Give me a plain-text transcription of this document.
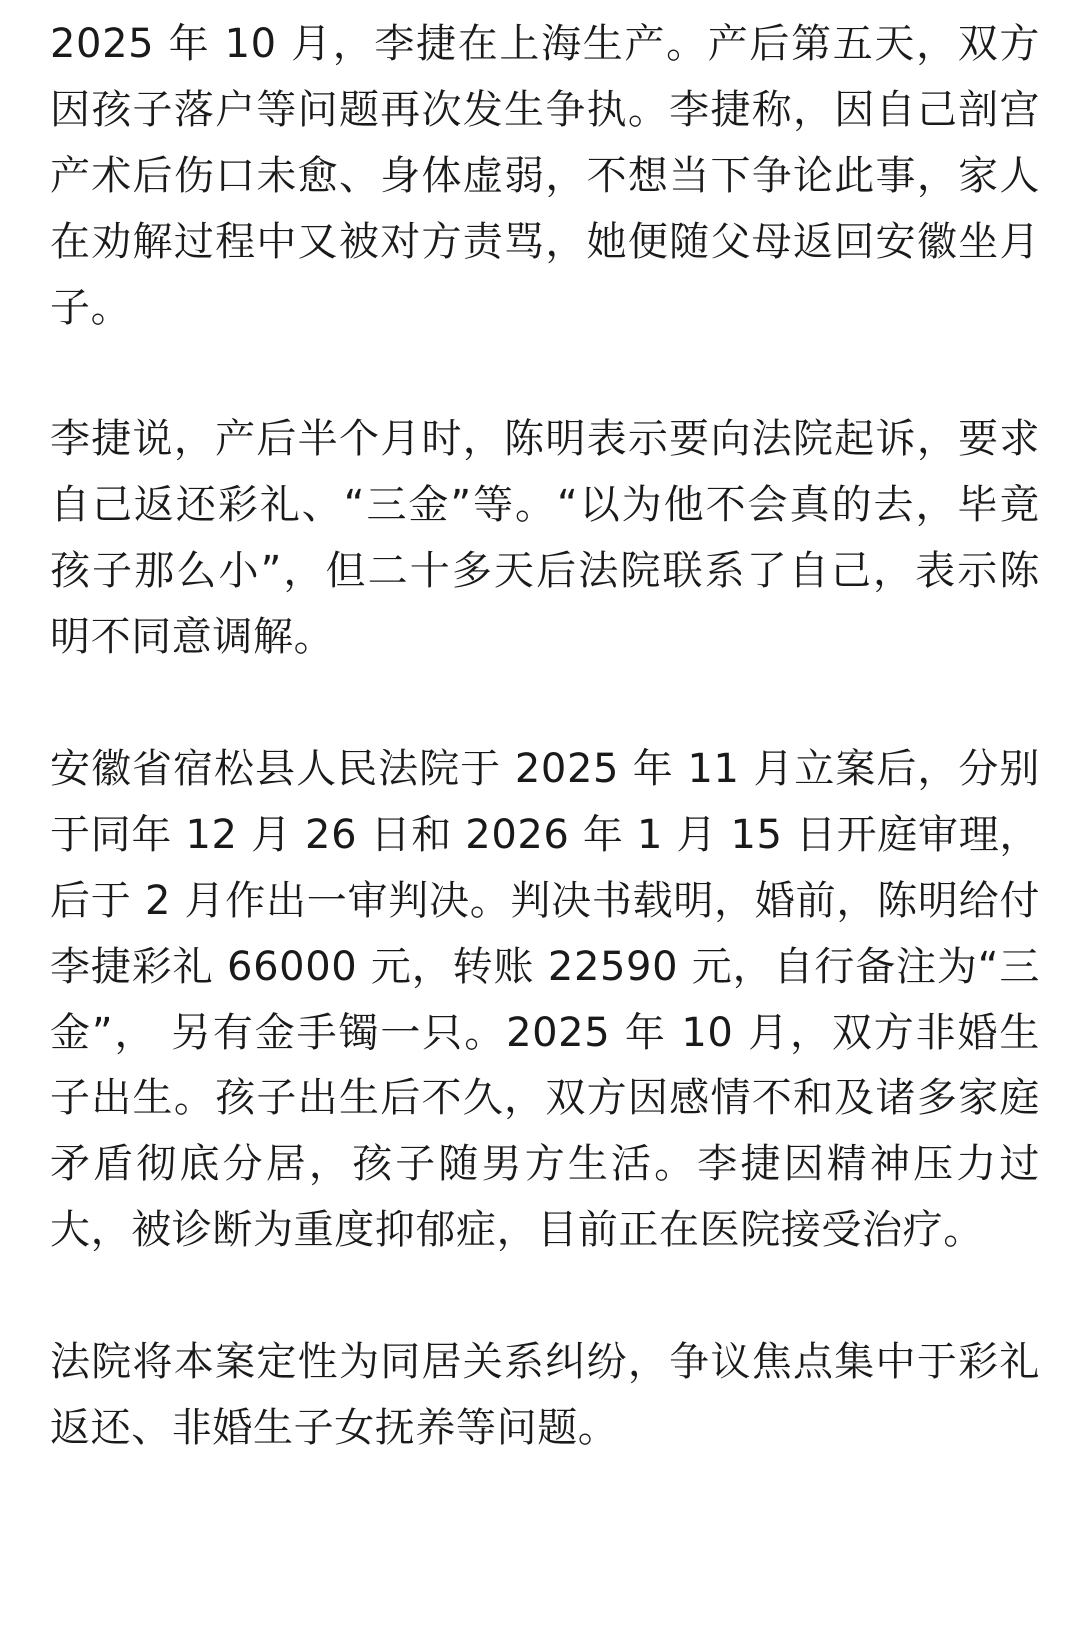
2025 年 10 月，李捷在上海生产。产后第五天，双方因孩子落户等问题再次发生争执。李捷称，因自己剖宫产术后伤口未愈、身体虚弱，不想当下争论此事，家人在劝解过程中又被对方责骂，她便随父母返回安徽坐月子。

李捷说，产后半个月时，陈明表示要向法院起诉，要求自己返还彩礼、“三金”等。“以为他不会真的去，毕竟孩子那么小”，但二十多天后法院联系了自己，表示陈明不同意调解。

安徽省宿松县人民法院于 2025 年 11 月立案后，分别于同年 12 月 26 日和 2026 年 1 月 15 日开庭审理，后于 2 月作出一审判决。判决书载明，婚前，陈明给付李捷彩礼 66000 元，转账 22590 元，自行备注为“三金”， 另有金手镯一只。2025 年 10 月，双方非婚生子出生。孩子出生后不久，双方因感情不和及诸多家庭矛盾彻底分居，孩子随男方生活。李捷因精神压力过大，被诊断为重度抑郁症，目前正在医院接受治疗。

法院将本案定性为同居关系纠纷，争议焦点集中于彩礼返还、非婚生子女抚养等问题。
